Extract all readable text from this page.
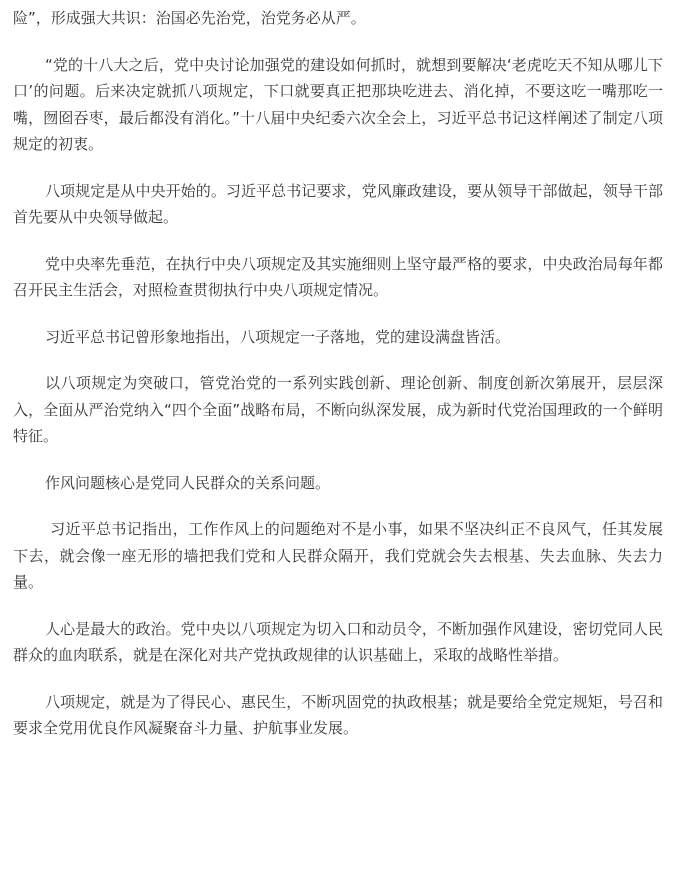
险”，形成强大共识：治国必先治党，治党务必从严。

“党的十八大之后，党中央讨论加强党的建设如何抓时，就想到要解决‘老虎吃天不知从哪儿下口’的问题。后来决定就抓八项规定，下口就要真正把那块吃进去、消化掉，不要这吃一嘴那吃一嘴，囫囵吞枣，最后都没有消化。”十八届中央纪委六次全会上，习近平总书记这样阐述了制定八项规定的初衷。

八项规定是从中央开始的。习近平总书记要求，党风廉政建设，要从领导干部做起，领导干部首先要从中央领导做起。

党中央率先垂范，在执行中央八项规定及其实施细则上坚守最严格的要求，中央政治局每年都召开民主生活会，对照检查贯彻执行中央八项规定情况。

习近平总书记曾形象地指出，八项规定一子落地，党的建设满盘皆活。

以八项规定为突破口，管党治党的一系列实践创新、理论创新、制度创新次第展开，层层深入，全面从严治党纳入“四个全面”战略布局，不断向纵深发展，成为新时代党治国理政的一个鲜明特征。

作风问题核心是党同人民群众的关系问题。

习近平总书记指出，工作作风上的问题绝对不是小事，如果不坚决纠正不良风气，任其发展下去，就会像一座无形的墙把我们党和人民群众隔开，我们党就会失去根基、失去血脉、失去力量。

人心是最大的政治。党中央以八项规定为切入口和动员令，不断加强作风建设，密切党同人民群众的血肉联系，就是在深化对共产党执政规律的认识基础上，采取的战略性举措。

八项规定，就是为了得民心、惠民生，不断巩固党的执政根基；就是要给全党定规矩，号召和要求全党用优良作风凝聚奋斗力量、护航事业发展。
